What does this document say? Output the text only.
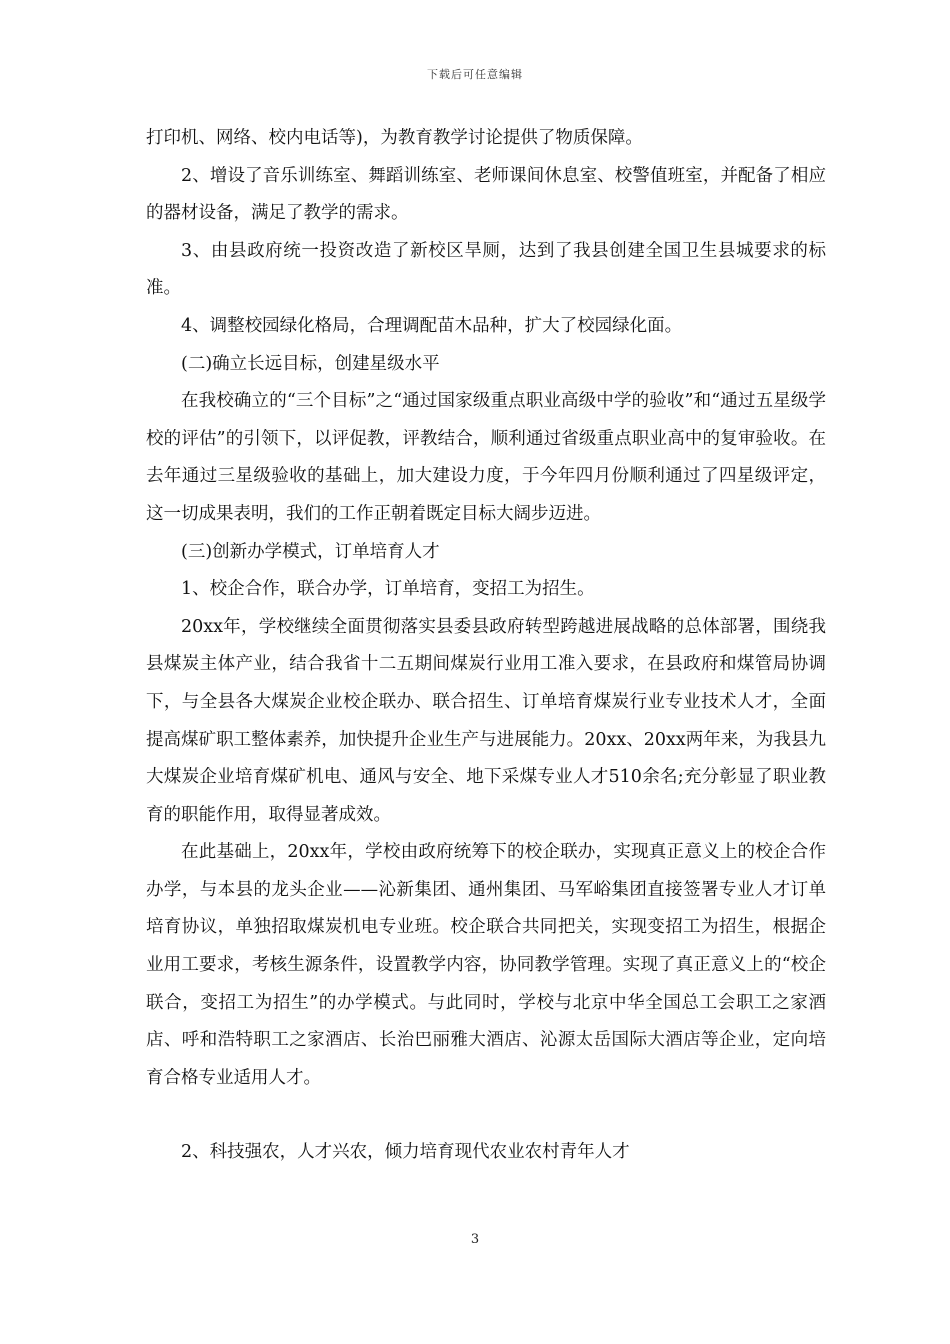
下载后可任意编辑

打印机、网络、校内电话等)，为教育教学讨论提供了物质保障。

2、增设了音乐训练室、舞蹈训练室、老师课间休息室、校警值班室，并配备了相应的器材设备，满足了教学的需求。

3、由县政府统一投资改造了新校区旱厕，达到了我县创建全国卫生县城要求的标准。

4、调整校园绿化格局，合理调配苗木品种，扩大了校园绿化面。

(二)确立长远目标，创建星级水平

在我校确立的“三个目标”之“通过国家级重点职业高级中学的验收”和“通过五星级学校的评估”的引领下，以评促教，评教结合，顺利通过省级重点职业高中的复审验收。在去年通过三星级验收的基础上，加大建设力度，于今年四月份顺利通过了四星级评定，这一切成果表明，我们的工作正朝着既定目标大阔步迈进。

(三)创新办学模式，订单培育人才

1、校企合作，联合办学，订单培育，变招工为招生。

20xx年，学校继续全面贯彻落实县委县政府转型跨越进展战略的总体部署，围绕我县煤炭主体产业，结合我省十二五期间煤炭行业用工准入要求，在县政府和煤管局协调下，与全县各大煤炭企业校企联办、联合招生、订单培育煤炭行业专业技术人才，全面提高煤矿职工整体素养，加快提升企业生产与进展能力。20xx、20xx两年来，为我县九大煤炭企业培育煤矿机电、通风与安全、地下采煤专业人才510余名;充分彰显了职业教育的职能作用，取得显著成效。

在此基础上，20xx年，学校由政府统筹下的校企联办，实现真正意义上的校企合作办学，与本县的龙头企业——沁新集团、通州集团、马军峪集团直接签署专业人才订单培育协议，单独招取煤炭机电专业班。校企联合共同把关，实现变招工为招生，根据企业用工要求，考核生源条件，设置教学内容，协同教学管理。实现了真正意义上的“校企联合，变招工为招生”的办学模式。与此同时，学校与北京中华全国总工会职工之家酒店、呼和浩特职工之家酒店、长治巴丽雅大酒店、沁源太岳国际大酒店等企业，定向培育合格专业适用人才。

2、科技强农，人才兴农，倾力培育现代农业农村青年人才

3
